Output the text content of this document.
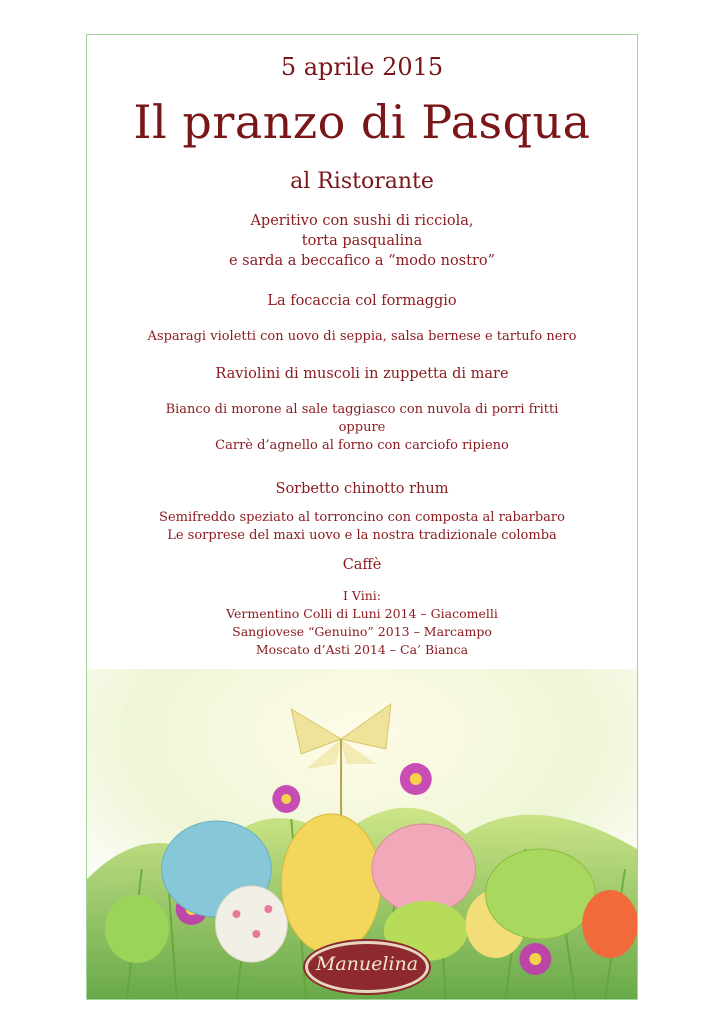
5 aprile 2015
Il pranzo di Pasqua
al Ristorante
Aperitivo con sushi di ricciola,
torta pasqualina
e sarda a beccafico a “modo nostro”
La focaccia col formaggio
Asparagi violetti con uovo di seppia, salsa bernese e tartufo nero
Raviolini di muscoli in zuppetta di mare
Bianco di morone al sale taggiasco con nuvola di porri fritti
oppure
Carrè d’agnello al forno con carciofo ripieno
Sorbetto chinotto rhum
Semifreddo speziato al torroncino con composta al rabarbaro
Le sorprese del maxi uovo e la nostra tradizionale colomba
Caffè
I Vini:
Vermentino Colli di Luni 2014 – Giacomelli
Sangiovese “Genuino” 2013 – Marcampo
Moscato d’Asti 2014 – Ca’ Bianca
Manuelina
